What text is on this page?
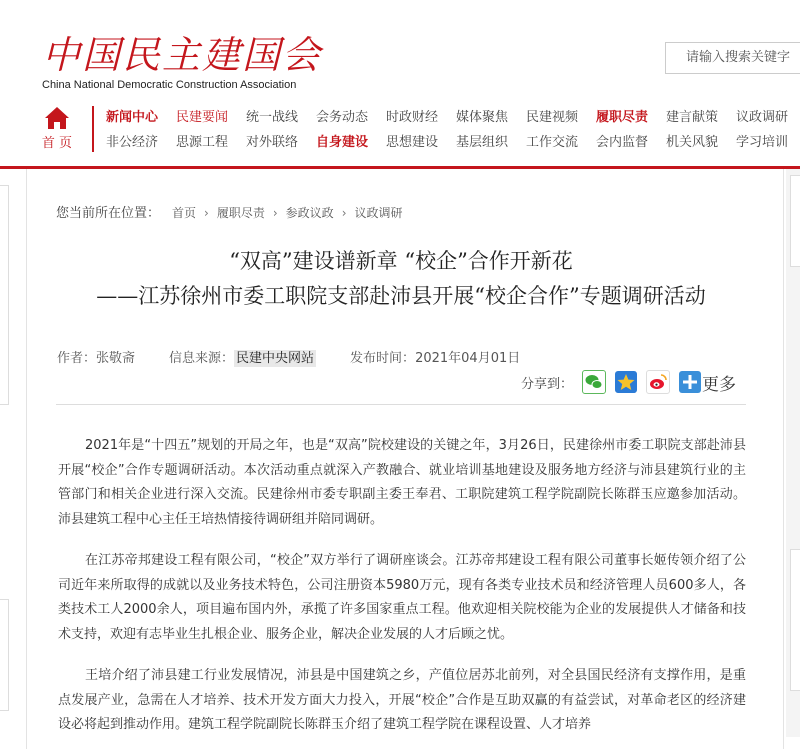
中国民主建国会
China National Democratic Construction Association
请输入搜索关键字
首 页
新闻中心 民建要闻 统一战线 会务动态 时政财经 媒体聚焦 民建视频 履职尽责 建言献策 议政调研
非公经济 思源工程 对外联络 自身建设 思想建设 基层组织 工作交流 会内监督 机关风貌 学习培训
您当前所在位置： 首页 › 履职尽责 › 参政议政 › 议政调研
“双高”建设谱新章 “校企”合作开新花
——江苏徐州市委工职院支部赴沛县开展“校企合作”专题调研活动
作者：张敬斋	信息来源： 民建中央网站	发布时间：2021年04月01日
分享到：	更多
2021年是“十四五”规划的开局之年，也是“双高”院校建设的关键之年，3月26日，民建徐州市委工职院支部赴沛县开展“校企”合作专题调研活动。本次活动重点就深入产教融合、就业培训基地建设及服务地方经济与沛县建筑行业的主管部门和相关企业进行深入交流。民建徐州市委专职副主委王奉君、工职院建筑工程学院副院长陈群玉应邀参加活动。沛县建筑工程中心主任王培热情接待调研组并陪同调研。
在江苏帝邦建设工程有限公司，“校企”双方举行了调研座谈会。江苏帝邦建设工程有限公司董事长姬传领介绍了公司近年来所取得的成就以及业务技术特色，公司注册资本5980万元，现有各类专业技术员和经济管理人员600多人，各类技术工人2000余人，项目遍布国内外，承揽了许多国家重点工程。他欢迎相关院校能为企业的发展提供人才储备和技术支持，欢迎有志毕业生扎根企业、服务企业，解决企业发展的人才后顾之忧。
王培介绍了沛县建工行业发展情况，沛县是中国建筑之乡，产值位居苏北前列，对全县国民经济有支撑作用，是重点发展产业，急需在人才培养、技术开发方面大力投入，开展“校企”合作是互助双赢的有益尝试，对革命老区的经济建设必将起到推动作用。建筑工程学院副院长陈群玉介绍了建筑工程学院在课程设置、人才培养
